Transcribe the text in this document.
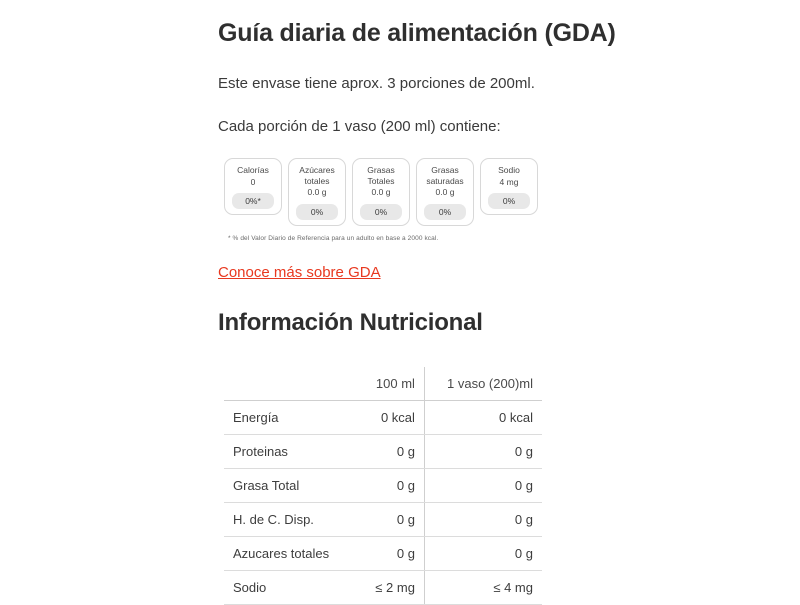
Guía diaria de alimentación (GDA)

Este envase tiene aprox. 3 porciones de 200ml.

Cada porción de 1 vaso (200 ml) contiene:

Calorías
0
0%*
Azúcares
totales
0.0 g
0%
Grasas
Totales
0.0 g
0%
Grasas
saturadas
0.0 g
0%
Sodio
4 mg
0%
* % del Valor Diario de Referencia para un adulto en base a 2000 kcal.
Conoce más sobre GDA
Información Nutricional
	100 ml	1 vaso (200)ml
Energía	0 kcal	0 kcal
Proteinas	0 g	0 g
Grasa Total	0 g	0 g
H. de C. Disp.	0 g	0 g
Azucares totales	0 g	0 g
Sodio	≤ 2 mg	≤ 4 mg
